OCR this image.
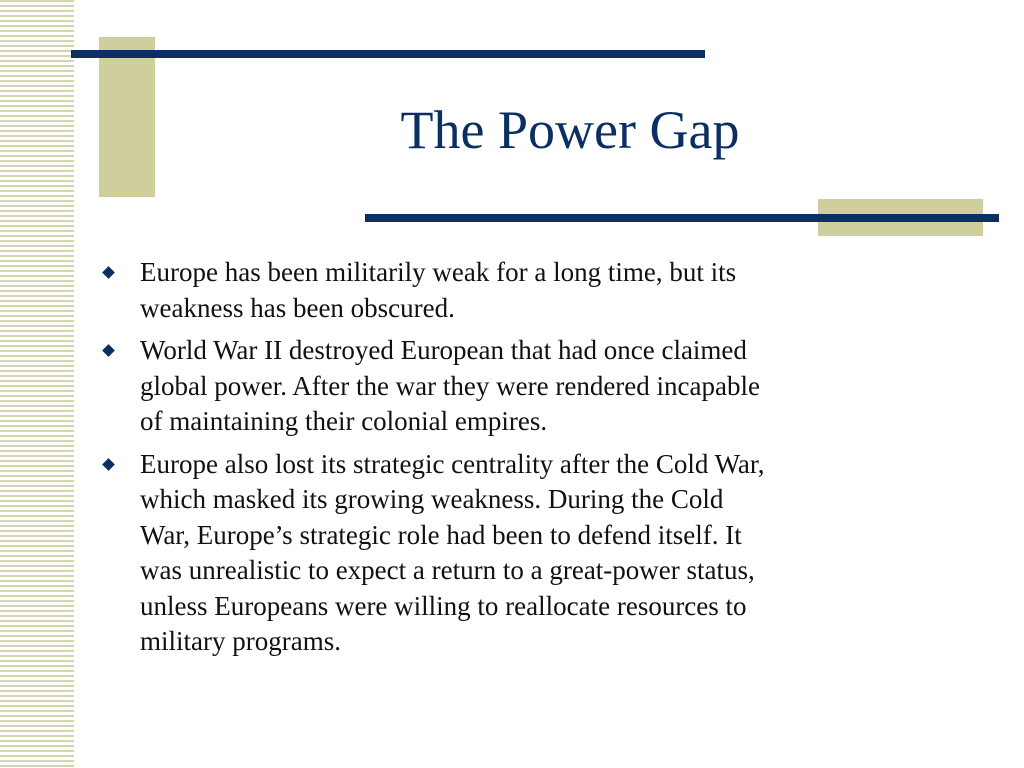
The Power Gap
Europe has been militarily weak for a long time, but its
weakness has been obscured.
World War II destroyed European that had once claimed
global power. After the war they were rendered incapable
of maintaining their colonial empires.
Europe also lost its strategic centrality after the Cold War,
which masked its growing weakness. During the Cold
War, Europe’s strategic role had been to defend itself. It
was unrealistic to expect a return to a great-power status,
unless Europeans were willing to reallocate resources to
military programs.
